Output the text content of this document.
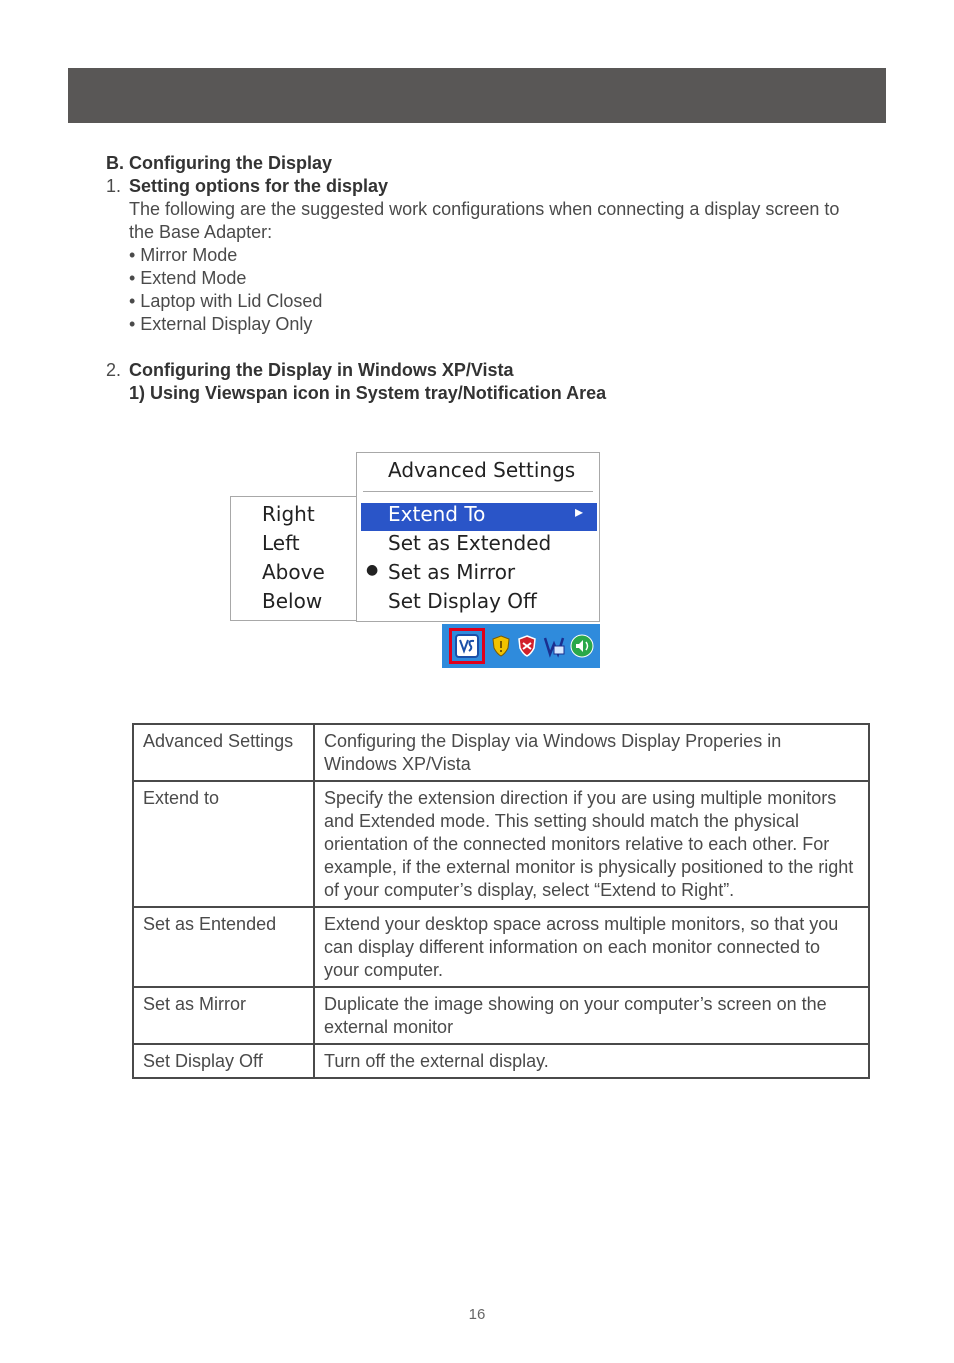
B. Configuring the Display
1. Setting options for the display
The following are the suggested work configurations when connecting a display screen to
the Base Adapter:
• Mirror Mode
• Extend Mode
• Laptop with Lid Closed
• External Display Only
2. Configuring the Display in Windows XP/Vista
1) Using Viewspan icon in System tray/Notification Area
Right
Left
Above
Below
Advanced Settings
Extend To	▸
Set as Extended
Set as Mirror
●
Set Display Off
Advanced Settings	Configuring the Display via Windows Display Properies in Windows XP/Vista
Extend to	Specify the extension direction if you are using multiple monitors and Extended mode. This setting should match the physical orientation of the connected monitors relative to each other. For example, if the external monitor is physically positioned to the right of your computer’s display, select “Extend to Right”.
Set as Entended	Extend your desktop space across multiple monitors, so that you can display different information on each monitor connected to your computer.
Set as Mirror	Duplicate the image showing on your computer’s screen on the external monitor
Set Display Off	Turn off the external display.
16
